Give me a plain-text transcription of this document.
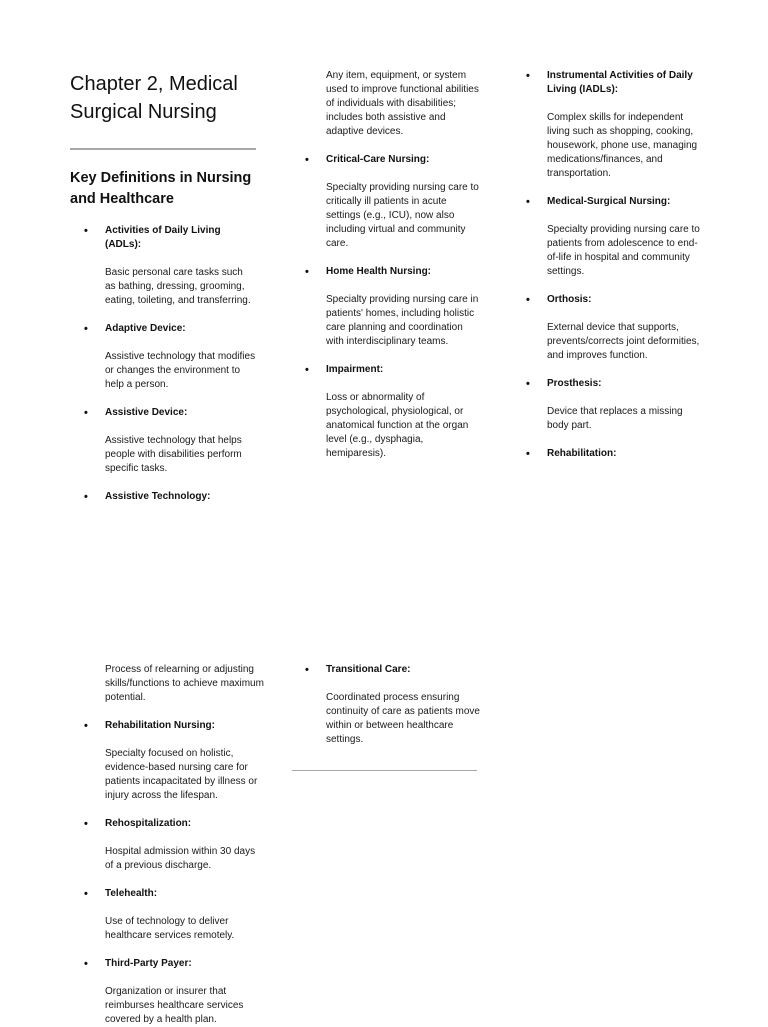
Chapter 2, Medical Surgical Nursing
Key Definitions in Nursing and Healthcare
• Activities of Daily Living (ADLs):
Basic personal care tasks such as bathing, dressing, grooming, eating, toileting, and transferring.
• Adaptive Device:
Assistive technology that modifies or changes the environment to help a person.
• Assistive Device:
Assistive technology that helps people with disabilities perform specific tasks.
• Assistive Technology:
Any item, equipment, or system used to improve functional abilities of individuals with disabilities; includes both assistive and adaptive devices.
• Critical-Care Nursing:
Specialty providing nursing care to critically ill patients in acute settings (e.g., ICU), now also including virtual and community care.
• Home Health Nursing:
Specialty providing nursing care in patients' homes, including holistic care planning and coordination with interdisciplinary teams.
• Impairment:
Loss or abnormality of psychological, physiological, or anatomical function at the organ level (e.g., dysphagia, hemiparesis).
• Instrumental Activities of Daily Living (IADLs):
Complex skills for independent living such as shopping, cooking, housework, phone use, managing medications/finances, and transportation.
• Medical-Surgical Nursing:
Specialty providing nursing care to patients from adolescence to end-of-life in hospital and community settings.
• Orthosis:
External device that supports, prevents/corrects joint deformities, and improves function.
• Prosthesis:
Device that replaces a missing body part.
• Rehabilitation:
Process of relearning or adjusting skills/functions to achieve maximum potential.
• Rehabilitation Nursing:
Specialty focused on holistic, evidence-based nursing care for patients incapacitated by illness or injury across the lifespan.
• Rehospitalization:
Hospital admission within 30 days of a previous discharge.
• Telehealth:
Use of technology to deliver healthcare services remotely.
• Third-Party Payer:
Organization or insurer that reimburses healthcare services covered by a health plan.
• Transitional Care:
Coordinated process ensuring continuity of care as patients move within or between healthcare settings.
